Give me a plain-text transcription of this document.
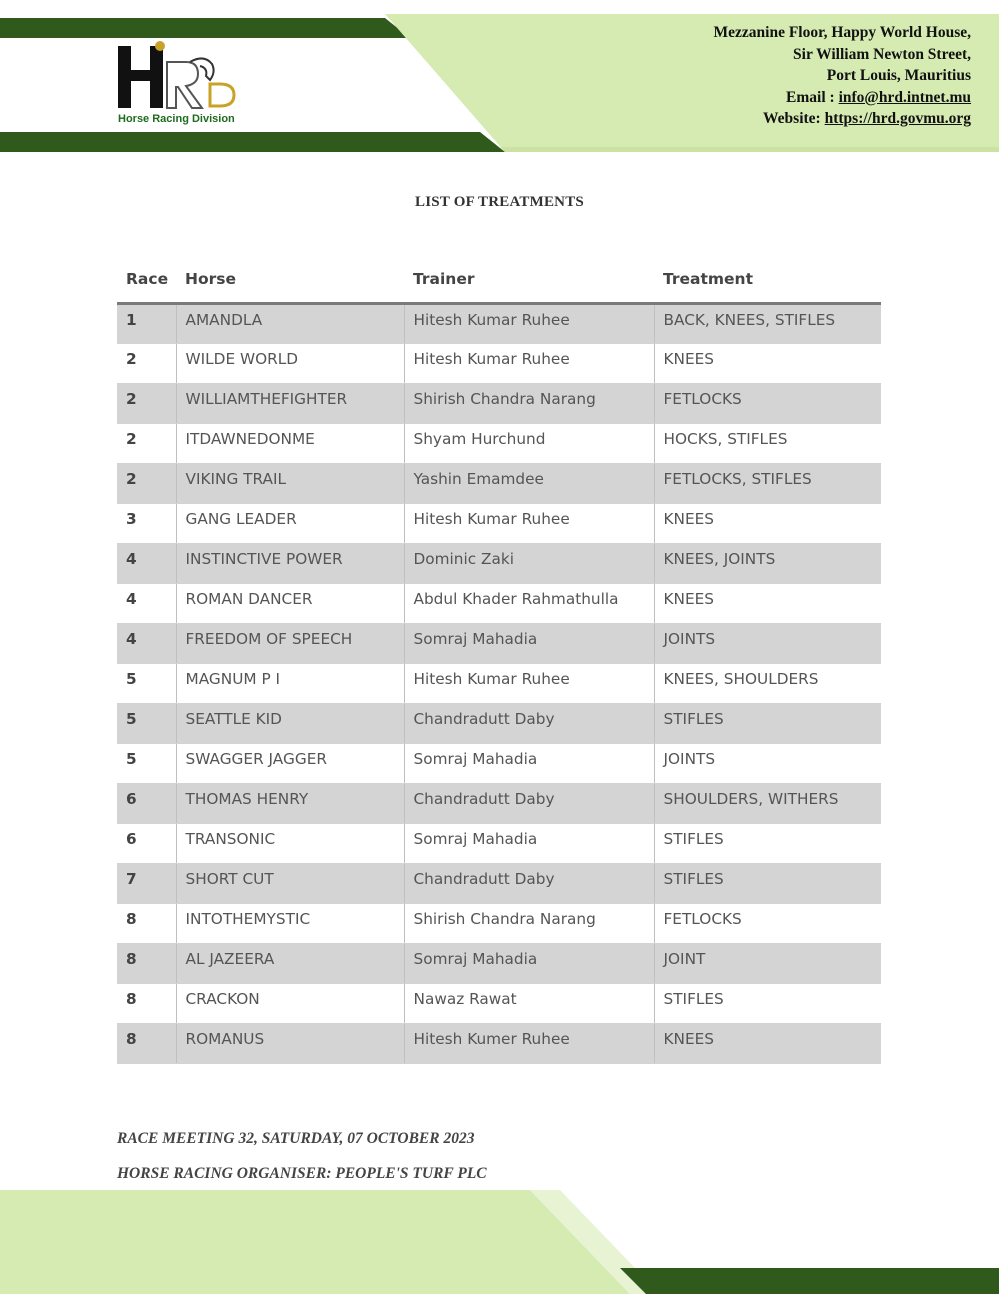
Horse Racing Division
Mezzanine Floor, Happy World House,
Sir William Newton Street,
Port Louis, Mauritius
Email : info@hrd.intnet.mu
Website: https://hrd.govmu.org
LIST OF TREATMENTS
Race	Horse	Trainer	Treatment
1	AMANDLA	Hitesh Kumar Ruhee	BACK, KNEES, STIFLES
2	WILDE WORLD	Hitesh Kumar Ruhee	KNEES
2	WILLIAMTHEFIGHTER	Shirish Chandra Narang	FETLOCKS
2	ITDAWNEDONME	Shyam Hurchund	HOCKS, STIFLES
2	VIKING TRAIL	Yashin Emamdee	FETLOCKS, STIFLES
3	GANG LEADER	Hitesh Kumar Ruhee	KNEES
4	INSTINCTIVE POWER	Dominic Zaki	KNEES, JOINTS
4	ROMAN DANCER	Abdul Khader Rahmathulla	KNEES
4	FREEDOM OF SPEECH	Somraj Mahadia	JOINTS
5	MAGNUM P I	Hitesh Kumar Ruhee	KNEES, SHOULDERS
5	SEATTLE KID	Chandradutt Daby	STIFLES
5	SWAGGER JAGGER	Somraj Mahadia	JOINTS
6	THOMAS HENRY	Chandradutt Daby	SHOULDERS, WITHERS
6	TRANSONIC	Somraj Mahadia	STIFLES
7	SHORT CUT	Chandradutt Daby	STIFLES
8	INTOTHEMYSTIC	Shirish Chandra Narang	FETLOCKS
8	AL JAZEERA	Somraj Mahadia	JOINT
8	CRACKON	Nawaz Rawat	STIFLES
8	ROMANUS	Hitesh Kumer Ruhee	KNEES
RACE MEETING 32, SATURDAY, 07 OCTOBER 2023
HORSE RACING ORGANISER: PEOPLE'S TURF PLC
